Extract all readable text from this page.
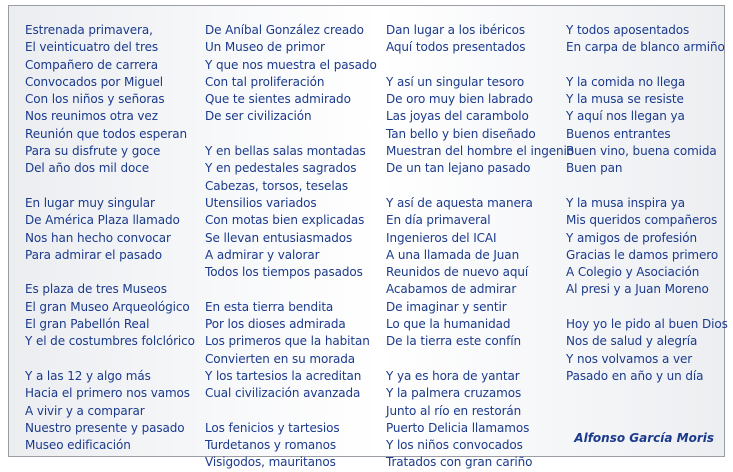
Estrenada primavera,
El veinticuatro del tres
Compañero de carrera
Convocados por Miguel
Con los niños y señoras
Nos reunimos otra vez
Reunión que todos esperan
Para su disfrute y goce
Del año dos mil doce
En lugar muy singular
De América Plaza llamado
Nos han hecho convocar
Para admirar el pasado
Es plaza de tres Museos
El gran Museo Arqueológico
El gran Pabellón Real
Y el de costumbres folclórico
Y a las 12 y algo más
Hacia el primero nos vamos
A vivir y a comparar
Nuestro presente y pasado
Museo edificación
De Aníbal González creado
Un Museo de primor
Y que nos muestra el pasado
Con tal proliferación
Que te sientes admirado
De ser civilización
Y en bellas salas montadas
Y en pedestales sagrados
Cabezas, torsos, teselas
Utensilios variados
Con motas bien explicadas
Se llevan entusiasmados
A admirar y valorar
Todos los tiempos pasados
En esta tierra bendita
Por los dioses admirada
Los primeros que la habitan
Convierten en su morada
Y los tartesios la acreditan
Cual civilización avanzada
Los fenicios y tartesios
Turdetanos y romanos
Visigodos, mauritanos
Dan lugar a los ibéricos
Aquí todos presentados
Y así un singular tesoro
De oro muy bien labrado
Las joyas del carambolo
Tan bello y bien diseñado
Muestran del hombre el ingenio
De un tan lejano pasado
Y así de aquesta manera
En día primaveral
Ingenieros del ICAI
A una llamada de Juan
Reunidos de nuevo aquí
Acabamos de admirar
De imaginar y sentir
Lo que la humanidad
De la tierra este confín
Y ya es hora de yantar
Y la palmera cruzamos
Junto al río en restorán
Puerto Delicia llamamos
Y los niños convocados
Tratados con gran cariño
Y todos aposentados
En carpa de blanco armiño
Y la comida no llega
Y la musa se resiste
Y aquí nos llegan ya
Buenos entrantes
Buen vino, buena comida
Buen pan
Y la musa inspira ya
Mis queridos compañeros
Y amigos de profesión
Gracias le damos primero
A Colegio y Asociación
Al presi y a Juan Moreno
Hoy yo le pido al buen Dios
Nos de salud y alegría
Y nos volvamos a ver
Pasado en año y un día
Alfonso García Moris
